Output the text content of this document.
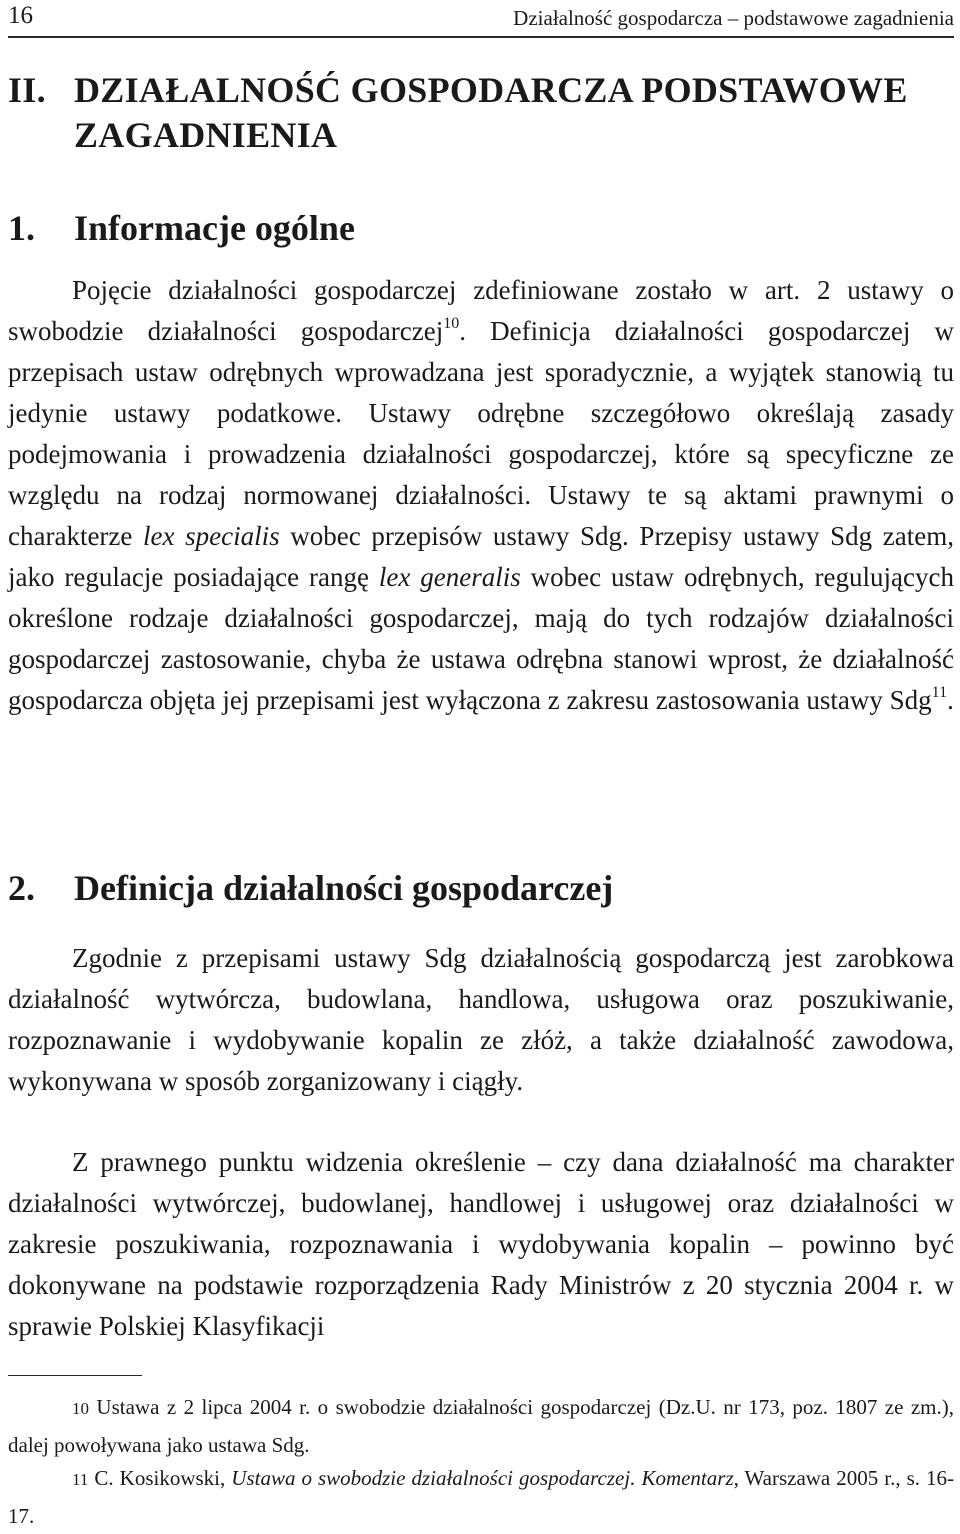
16	Działalność gospodarcza – podstawowe zagadnienia
II. DZIAŁALNOŚĆ GOSPODARCZA PODSTAWOWE ZAGADNIENIA
1.	Informacje ogólne

Pojęcie działalności gospodarczej zdefiniowane zostało w art. 2 ustawy o swobodzie działalności gospodarczej$^{10}$. Definicja działalności gospodarczej w przepisach ustaw odrębnych wprowadzana jest sporadycznie, a wyjątek stanowią tu jedynie ustawy podatkowe. Ustawy odrębne szczegółowo określają zasady podejmowania i prowadzenia działalności gospodarczej, które są specyficzne ze względu na rodzaj normowanej działalności. Ustawy te są aktami prawnymi o charakterze lex specialis wobec przepisów ustawy Sdg. Przepisy ustawy Sdg zatem, jako regulacje posiadające rangę lex generalis wobec ustaw odrębnych, regulujących określone rodzaje działalności gospodarczej, mają do tych rodzajów działalności gospodarczej zastosowanie, chyba że ustawa odrębna stanowi wprost, że działalność gospodarcza objęta jej przepisami jest wyłączona z zakresu zastosowania ustawy Sdg$^{11}$.

2.	Definicja działalności gospodarczej

Zgodnie z przepisami ustawy Sdg działalnością gospodarczą jest zarobkowa działalność wytwórcza, budowlana, handlowa, usługowa oraz poszukiwanie, rozpoznawanie i wydobywanie kopalin ze złóż, a także działalność zawodowa, wykonywana w sposób zorganizowany i ciągły.

Z prawnego punktu widzenia określenie – czy dana działalność ma charakter działalności wytwórczej, budowlanej, handlowej i usługowej oraz działalności w zakresie poszukiwania, rozpoznawania i wydobywania kopalin – powinno być dokonywane na podstawie rozporządzenia Rady Ministrów z 20 stycznia 2004 r. w sprawie Polskiej Klasyfikacji

10 Ustawa z 2 lipca 2004 r. o swobodzie działalności gospodarczej (Dz.U. nr 173, poz. 1807 ze zm.), dalej powoływana jako ustawa Sdg.

11 C. Kosikowski, Ustawa o swobodzie działalności gospodarczej. Komentarz, Warszawa 2005 r., s. 16-17.
